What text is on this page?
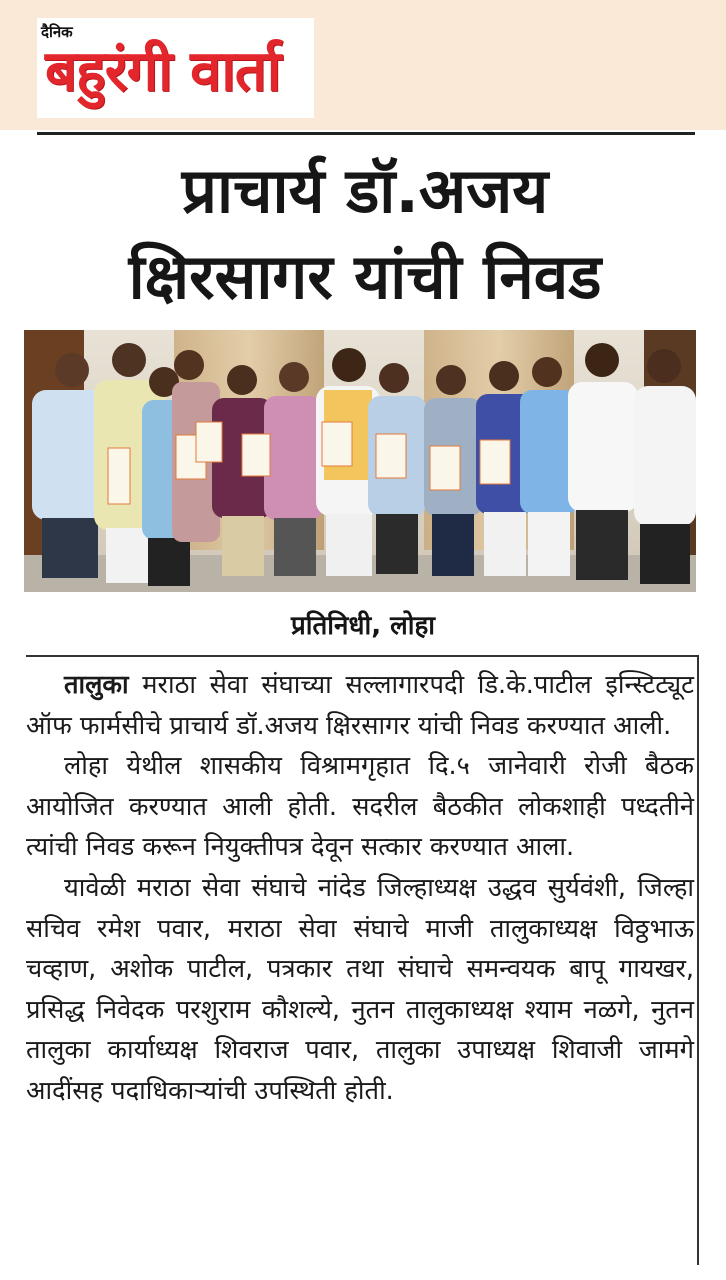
दैनिक
बहुरंगी वार्ता
प्राचार्य डॉ.अजय
क्षिरसागर यांची निवड
प्रतिनिधी, लोहा

तालुका मराठा सेवा संघाच्या सल्लागारपदी डि.के.पाटील इन्स्टिट्यूट ऑफ फार्मसीचे प्राचार्य डॉ.अजय क्षिरसागर यांची निवड करण्यात आली.

लोहा येथील शासकीय विश्रामगृहात दि.५ जानेवारी रोजी बैठक आयोजित करण्यात आली होती. सदरील बैठकीत लोकशाही पध्दतीने त्यांची निवड करून नियुक्तीपत्र देवून सत्कार करण्यात आला.

यावेळी मराठा सेवा संघाचे नांदेड जिल्हाध्यक्ष उद्धव सुर्यवंशी, जिल्हा सचिव रमेश पवार, मराठा सेवा संघाचे माजी तालुकाध्यक्ष विठ्ठभाऊ चव्हाण, अशोक पाटील, पत्रकार तथा संघाचे समन्वयक बापू गायखर, प्रसिद्ध निवेदक परशुराम कौशल्ये, नुतन तालुकाध्यक्ष श्याम नळगे, नुतन तालुका कार्याध्यक्ष शिवराज पवार, तालुका उपाध्यक्ष शिवाजी जामगे आदींसह पदाधिकाऱ्यांची उपस्थिती होती.
